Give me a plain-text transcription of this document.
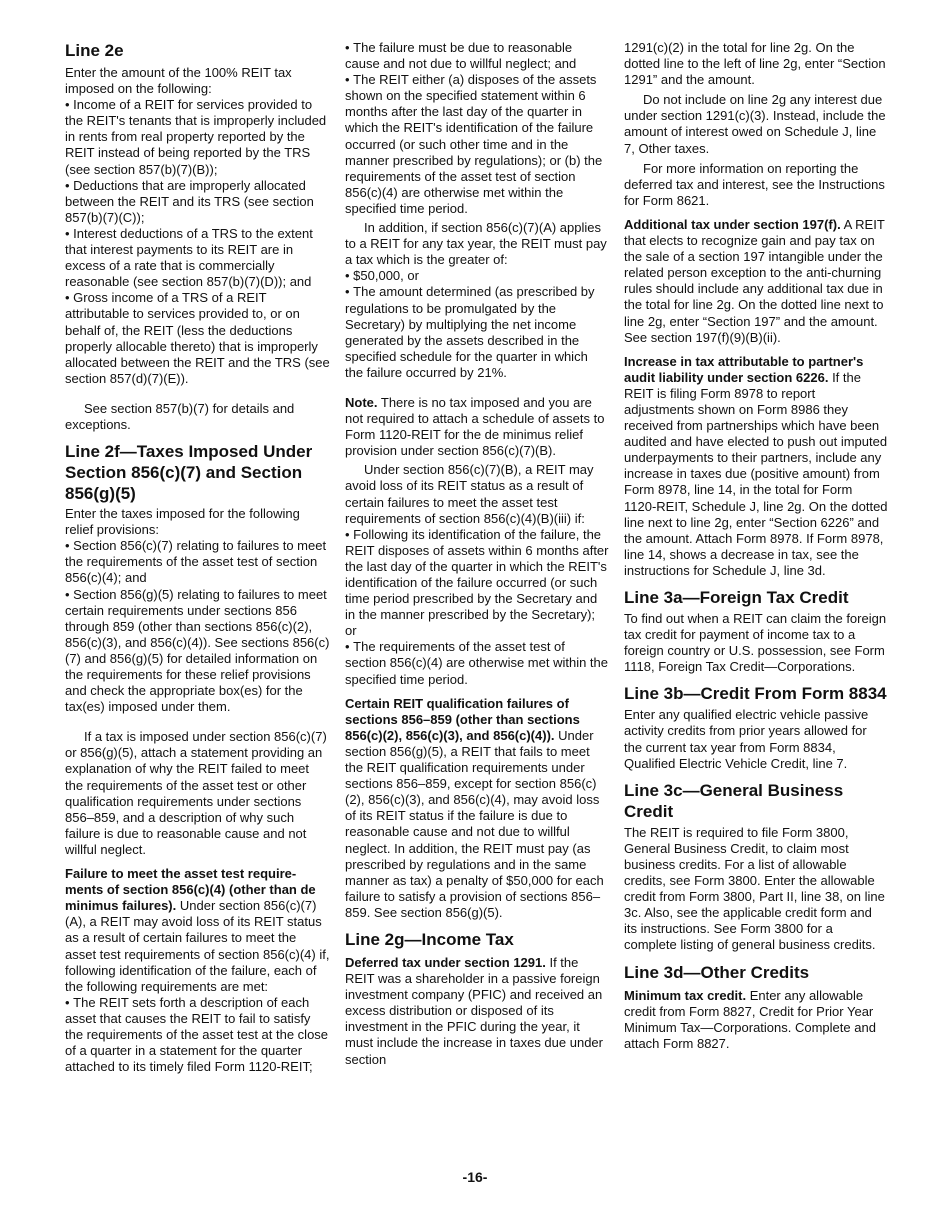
Line 2e

Enter the amount of the 100% REIT tax imposed on the following:

• Income of a REIT for services provided to the REIT's tenants that is improperly included in rents from real property reported by the REIT instead of being reported by the TRS (see section 857(b)(7)(B));

• Deductions that are improperly allocated between the REIT and its TRS (see section 857(b)(7)(C));

• Interest deductions of a TRS to the extent that interest payments to its REIT are in excess of a rate that is commercially reasonable (see section 857(b)(7)(D)); and

• Gross income of a TRS of a REIT attributable to services provided to, or on behalf of, the REIT (less the deductions properly allocable thereto) that is improperly allocated between the REIT and the TRS (see section 857(d)(7)(E)).

See section 857(b)(7) for details and exceptions.

Line 2f—Taxes Imposed Under Section 856(c)(7) and Section 856(g)(5)

Enter the taxes imposed for the following relief provisions:

• Section 856(c)(7) relating to failures to meet the requirements of the asset test of section 856(c)(4); and

• Section 856(g)(5) relating to failures to meet certain requirements under sections 856 through 859 (other than sections 856(c)(2), 856(c)(3), and 856(c)(4)). See sections 856(c)(7) and 856(g)(5) for detailed information on the requirements for these relief provisions and check the appropriate box(es) for the tax(es) imposed under them.

If a tax is imposed under section 856(c)(7) or 856(g)(5), attach a statement providing an explanation of why the REIT failed to meet the requirements of the asset test or other qualification requirements under sections 856–859, and a description of why such failure is due to reasonable cause and not willful neglect.

Failure to meet the asset test require-ments of section 856(c)(4) (other than de minimus failures). Under section 856(c)(7)(A), a REIT may avoid loss of its REIT status as a result of certain failures to meet the asset test requirements of section 856(c)(4) if, following identification of the failure, each of the following requirements are met:

• The REIT sets forth a description of each asset that causes the REIT to fail to satisfy the requirements of the asset test at the close of a quarter in a statement for the quarter attached to its timely filed Form 1120-REIT;

• The failure must be due to reasonable cause and not due to willful neglect; and

• The REIT either (a) disposes of the assets shown on the specified statement within 6 months after the last day of the quarter in which the REIT's identification of the failure occurred (or such other time and in the manner prescribed by regulations); or (b) the requirements of the asset test of section 856(c)(4) are otherwise met within the specified time period.

In addition, if section 856(c)(7)(A) applies to a REIT for any tax year, the REIT must pay a tax which is the greater of:

• $50,000, or

• The amount determined (as prescribed by regulations to be promulgated by the Secretary) by multiplying the net income generated by the assets described in the specified schedule for the quarter in which the failure occurred by 21%.

Note. There is no tax imposed and you are not required to attach a schedule of assets to Form 1120-REIT for the de minimus relief provision under section 856(c)(7)(B).

Under section 856(c)(7)(B), a REIT may avoid loss of its REIT status as a result of certain failures to meet the asset test requirements of section 856(c)(4)(B)(iii) if:

• Following its identification of the failure, the REIT disposes of assets within 6 months after the last day of the quarter in which the REIT's identification of the failure occurred (or such time period prescribed by the Secretary and in the manner prescribed by the Secretary); or

• The requirements of the asset test of section 856(c)(4) are otherwise met within the specified time period.

Certain REIT qualification failures of sections 856–859 (other than sections 856(c)(2), 856(c)(3), and 856(c)(4)). Under section 856(g)(5), a REIT that fails to meet the REIT qualification requirements under sections 856–859, except for section 856(c)(2), 856(c)(3), and 856(c)(4), may avoid loss of its REIT status if the failure is due to reasonable cause and not due to willful neglect. In addition, the REIT must pay (as prescribed by regulations and in the same manner as tax) a penalty of $50,000 for each failure to satisfy a provision of sections 856–859. See section 856(g)(5).

Line 2g—Income Tax

Deferred tax under section 1291. If the REIT was a shareholder in a passive foreign investment company (PFIC) and received an excess distribution or disposed of its investment in the PFIC during the year, it must include the increase in taxes due under section

1291(c)(2) in the total for line 2g. On the dotted line to the left of line 2g, enter “Section 1291” and the amount.

Do not include on line 2g any interest due under section 1291(c)(3). Instead, include the amount of interest owed on Schedule J, line 7, Other taxes.

For more information on reporting the deferred tax and interest, see the Instructions for Form 8621.

Additional tax under section 197(f). A REIT that elects to recognize gain and pay tax on the sale of a section 197 intangible under the related person exception to the anti-churning rules should include any additional tax due in the total for line 2g. On the dotted line next to line 2g, enter “Section 197” and the amount. See section 197(f)(9)(B)(ii).

Increase in tax attributable to partner's audit liability under section 6226. If the REIT is filing Form 8978 to report adjustments shown on Form 8986 they received from partnerships which have been audited and have elected to push out imputed underpayments to their partners, include any increase in taxes due (positive amount) from Form 8978, line 14, in the total for Form 1120-REIT, Schedule J, line 2g. On the dotted line next to line 2g, enter “Section 6226” and the amount. Attach Form 8978. If Form 8978, line 14, shows a decrease in tax, see the instructions for Schedule J, line 3d.

Line 3a—Foreign Tax Credit

To find out when a REIT can claim the foreign tax credit for payment of income tax to a foreign country or U.S. possession, see Form 1118, Foreign Tax Credit—Corporations.

Line 3b—Credit From Form 8834

Enter any qualified electric vehicle passive activity credits from prior years allowed for the current tax year from Form 8834, Qualified Electric Vehicle Credit, line 7.

Line 3c—General Business Credit

The REIT is required to file Form 3800, General Business Credit, to claim most business credits. For a list of allowable credits, see Form 3800. Enter the allowable credit from Form 3800, Part II, line 38, on line 3c. Also, see the applicable credit form and its instructions. See Form 3800 for a complete listing of general business credits.

Line 3d—Other Credits

Minimum tax credit. Enter any allowable credit from Form 8827, Credit for Prior Year Minimum Tax—Corporations. Complete and attach Form 8827.

-16-
